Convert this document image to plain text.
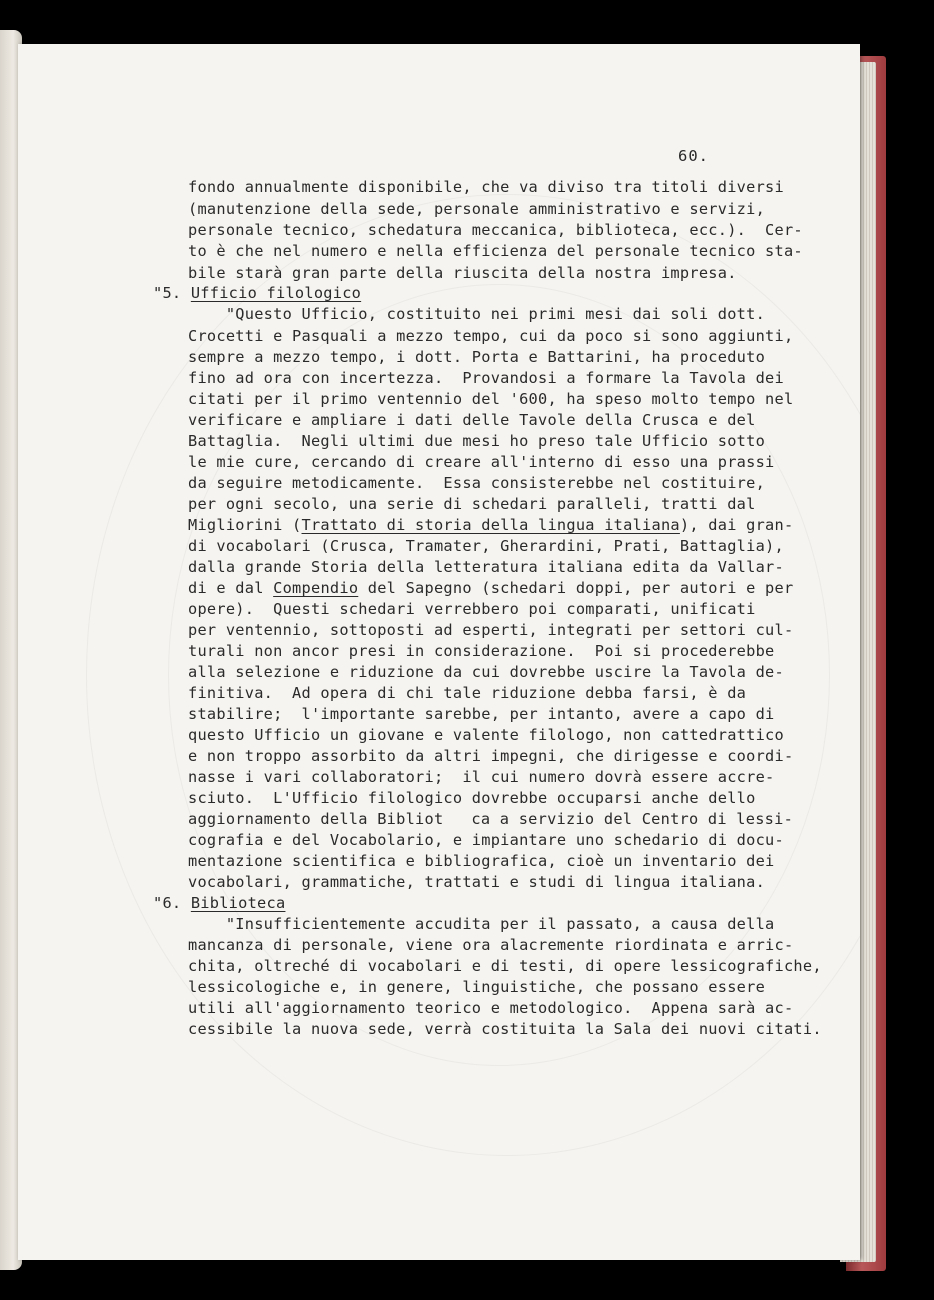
60.
fondo annualmente disponibile, che va diviso tra titoli diversi
(manutenzione della sede, personale amministrativo e servizi,
personale tecnico, schedatura meccanica, biblioteca, ecc.).  Cer-
to è che nel numero e nella efficienza del personale tecnico sta-
bile starà gran parte della riuscita della nostra impresa.
"5. Ufficio filologico
"Questo Ufficio, costituito nei primi mesi dai soli dott.
Crocetti e Pasquali a mezzo tempo, cui da poco si sono aggiunti,
sempre a mezzo tempo, i dott. Porta e Battarini, ha proceduto
fino ad ora con incertezza.  Provandosi a formare la Tavola dei
citati per il primo ventennio del '600, ha speso molto tempo nel
verificare e ampliare i dati delle Tavole della Crusca e del
Battaglia.  Negli ultimi due mesi ho preso tale Ufficio sotto
le mie cure, cercando di creare all'interno di esso una prassi
da seguire metodicamente.  Essa consisterebbe nel costituire,
per ogni secolo, una serie di schedari paralleli, tratti dal
Migliorini (Trattato di storia della lingua italiana), dai gran-
di vocabolari (Crusca, Tramater, Gherardini, Prati, Battaglia),
dalla grande Storia della letteratura italiana edita da Vallar-
di e dal Compendio del Sapegno (schedari doppi, per autori e per
opere).  Questi schedari verrebbero poi comparati, unificati
per ventennio, sottoposti ad esperti, integrati per settori cul-
turali non ancor presi in considerazione.  Poi si procederebbe
alla selezione e riduzione da cui dovrebbe uscire la Tavola de-
finitiva.  Ad opera di chi tale riduzione debba farsi, è da
stabilire;  l'importante sarebbe, per intanto, avere a capo di
questo Ufficio un giovane e valente filologo, non cattedrattico
e non troppo assorbito da altri impegni, che dirigesse e coordi-
nasse i vari collaboratori;  il cui numero dovrà essere accre-
sciuto.  L'Ufficio filologico dovrebbe occuparsi anche dello
aggiornamento della Bibliot ca a servizio del Centro di lessi-
cografia e del Vocabolario, e impiantare uno schedario di docu-
mentazione scientifica e bibliografica, cioè un inventario dei
vocabolari, grammatiche, trattati e studi di lingua italiana.
"6. Biblioteca
"Insufficientemente accudita per il passato, a causa della
mancanza di personale, viene ora alacremente riordinata e arric-
chita, oltreché di vocabolari e di testi, di opere lessicografiche,
lessicologiche e, in genere, linguistiche, che possano essere
utili all'aggiornamento teorico e metodologico.  Appena sarà ac-
cessibile la nuova sede, verrà costituita la Sala dei nuovi citati.
